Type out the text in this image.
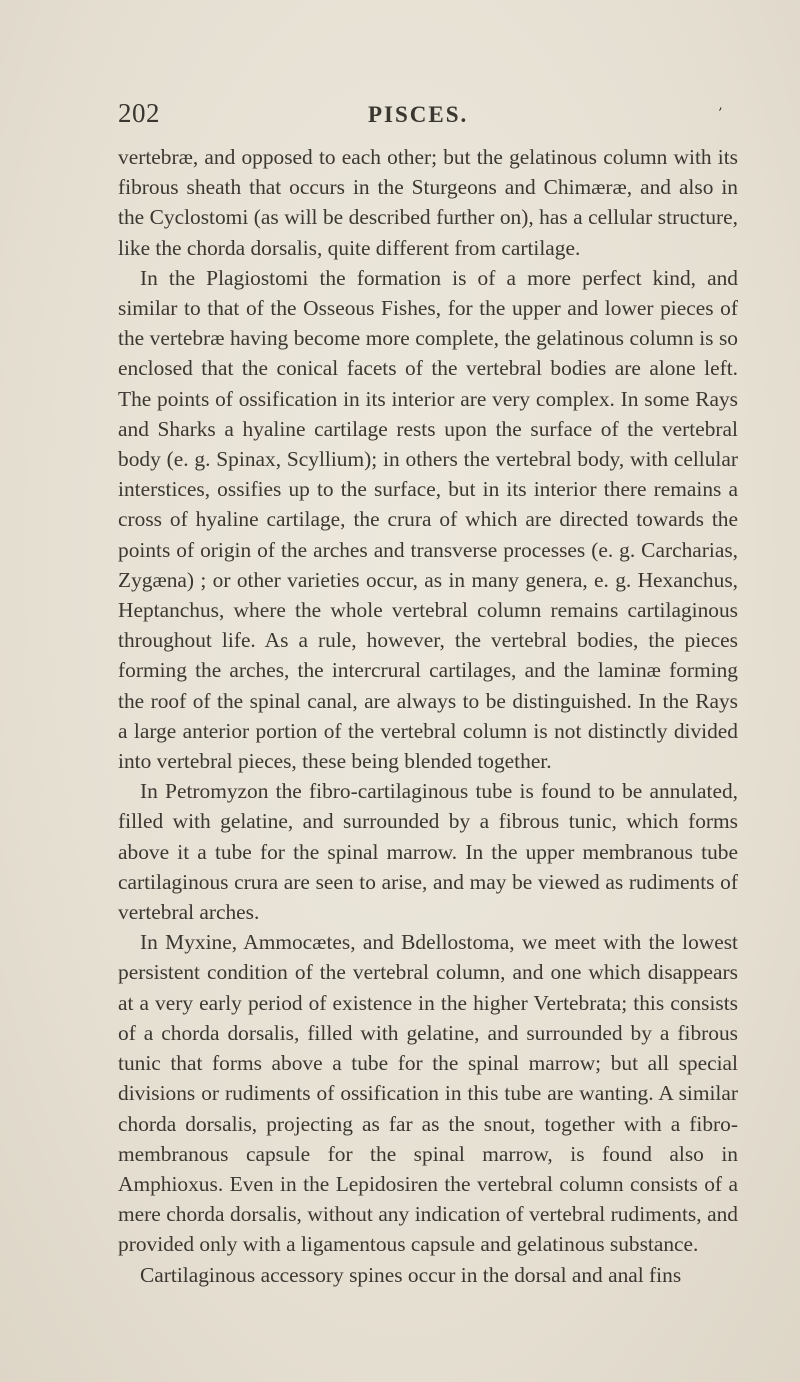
202	PISCES.	’

vertebræ, and opposed to each other; but the gelatinous column with its fibrous sheath that occurs in the Sturgeons and Chimæræ, and also in the Cyclostomi (as will be described further on), has a cellular structure, like the chorda dorsalis, quite different from cartilage.

In the Plagiostomi the formation is of a more perfect kind, and similar to that of the Osseous Fishes, for the upper and lower pieces of the vertebræ having become more complete, the gelatinous column is so enclosed that the conical facets of the vertebral bodies are alone left. The points of ossification in its interior are very complex. In some Rays and Sharks a hyaline cartilage rests upon the surface of the vertebral body (e. g. Spinax, Scyllium); in others the vertebral body, with cellular interstices, ossifies up to the surface, but in its interior there remains a cross of hyaline cartilage, the crura of which are directed towards the points of origin of the arches and transverse processes (e. g. Carcharias, Zygæna) ; or other varieties occur, as in many genera, e. g. Hexanchus, Heptanchus, where the whole vertebral column remains cartilaginous throughout life. As a rule, however, the vertebral bodies, the pieces forming the arches, the intercrural cartilages, and the laminæ forming the roof of the spinal canal, are always to be distinguished. In the Rays a large anterior portion of the vertebral column is not distinctly divided into vertebral pieces, these being blended together.

In Petromyzon the fibro-cartilaginous tube is found to be annulated, filled with gelatine, and surrounded by a fibrous tunic, which forms above it a tube for the spinal marrow. In the upper membranous tube cartilaginous crura are seen to arise, and may be viewed as rudiments of vertebral arches.

In Myxine, Ammocætes, and Bdellostoma, we meet with the lowest persistent condition of the vertebral column, and one which disappears at a very early period of existence in the higher Vertebrata; this consists of a chorda dorsalis, filled with gelatine, and surrounded by a fibrous tunic that forms above a tube for the spinal marrow; but all special divisions or rudiments of ossification in this tube are wanting. A similar chorda dorsalis, projecting as far as the snout, together with a fibro-membranous capsule for the spinal marrow, is found also in Amphioxus. Even in the Lepidosiren the vertebral column consists of a mere chorda dorsalis, without any indication of vertebral rudiments, and provided only with a ligamentous capsule and gelatinous substance.

Cartilaginous accessory spines occur in the dorsal and anal fins
